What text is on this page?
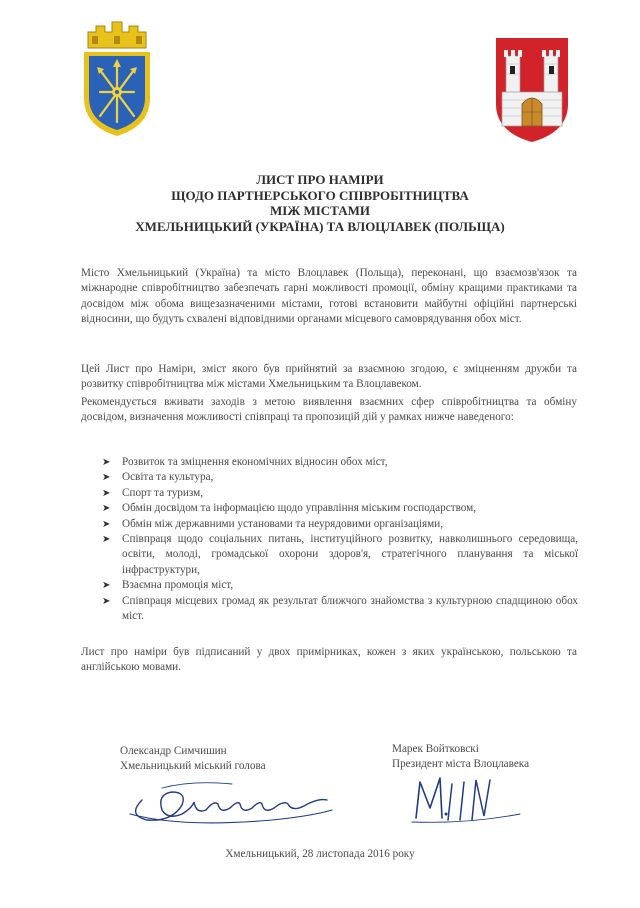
ЛИСТ ПРО НАМІРИ
ЩОДО ПАРТНЕРСЬКОГО СПІВРОБІТНИЦТВА
МІЖ МІСТАМИ
ХМЕЛЬНИЦЬКИЙ (УКРАЇНА) ТА ВЛОЦЛАВЕК (ПОЛЬЩА)
Місто Хмельницький (Україна) та місто Влоцлавек (Польща), переконані, що взаємозв'язок та міжнародне співробітництво забезпечать гарні можливості промоції, обміну кращими практиками та досвідом між обома вищезазначеними містами, готові встановити майбутні офіційні партнерські відносини, що будуть схвалені відповідними органами місцевого самоврядування обох міст.
Цей Лист про Наміри, зміст якого був прийнятий за взаємною згодою, є зміцненням дружби та розвитку співробітництва між містами Хмельницьким та Влоцлавеком.
Рекомендується вживати заходів з метою виявлення взаємних сфер співробітництва та обміну досвідом, визначення можливості співпраці та пропозицій дій у рамках нижче наведеного:
➤ Розвиток та зміцнення економічних відносин обох міст,
➤ Освіта та культура,
➤ Спорт та туризм,
➤ Обмін досвідом та інформацією щодо управління міським господарством,
➤ Обмін між державними установами та неурядовими організаціями,
➤ Співпраця щодо соціальних питань, інституційного розвитку, навколишнього середовища, освіти, молоді, громадської охорони здоров'я, стратегічного планування та міської інфраструктури,
➤ Взаємна промоція міст,
➤ Співпраця місцевих громад як результат ближчого знайомства з культурною спадщиною обох міст.
Лист про наміри був підписаний у двох примірниках, кожен з яких українською, польською та англійською мовами.
Олександр Симчишин
Хмельницький міський голова
Марек Войтковскі
Президент міста Влоцлавека
Хмельницький, 28 листопада 2016 року
